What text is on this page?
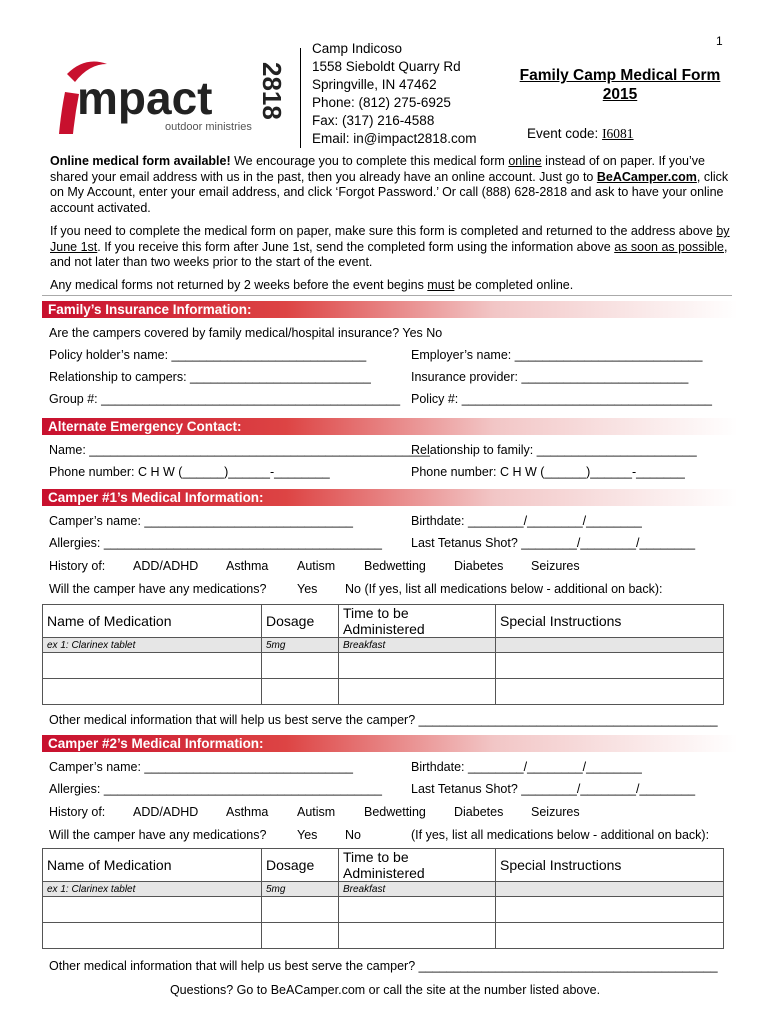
1
mpact 2818
outdoor ministries
Camp Indicoso
1558 Sieboldt Quarry Rd
Springville, IN 47462
Phone: (812) 275-6925
Fax: (317) 216-4588
Email: in@impact2818.com
Family Camp Medical Form
2015
Event code: I6081

Online medical form available! We encourage you to complete this medical form online instead of on paper. If you’ve shared your email address with us in the past, then you already have an online account. Just go to BeACamper.com, click on My Account, enter your email address, and click ‘Forgot Password.’ Or call (888) 628-2818 and ask to have your online account activated.

If you need to complete the medical form on paper, make sure this form is completed and returned to the address above by June 1st. If you receive this form after June 1st, send the completed form using the information above as soon as possible, and not later than two weeks prior to the start of the event.

Any medical forms not returned by 2 weeks before the event begins must be completed online.
Family’s Insurance Information:
Are the campers covered by family medical/hospital insurance? Yes No
Policy holder’s name: ____________________________	Employer’s name: ___________________________
Relationship to campers: __________________________	Insurance provider: ________________________
Group #: ___________________________________________ Policy #: ____________________________________
Alternate Emergency Contact:
Name: _________________________________________________
Relationship to family: _______________________
Phone number: C H W (______)______-________	Phone number: C H W (______)______-_______
Camper #1’s Medical Information:
Camper’s name: ______________________________	Birthdate: ________/________/________
Allergies: ________________________________________ Last Tetanus Shot? ________/________/________
History of: ADD/ADHD Asthma Autism Bedwetting Diabetes Seizures
Will the camper have any medications? Yes No (If yes, list all medications below - additional on back):
Name of Medication	Dosage	Time to be Administered	Special Instructions
ex 1: Clarinex tablet	5mg	Breakfast	

Other medical information that will help us best serve the camper? ___________________________________________
Camper #2’s Medical Information:
Camper’s name: ______________________________	Birthdate: ________/________/________
Allergies: ________________________________________ Last Tetanus Shot? ________/________/________
History of: ADD/ADHD Asthma Autism Bedwetting Diabetes Seizures
Will the camper have any medications? Yes No	(If yes, list all medications below - additional on back):
Name of Medication	Dosage	Time to be Administered	Special Instructions
ex 1: Clarinex tablet	5mg	Breakfast	

Other medical information that will help us best serve the camper? ___________________________________________
Questions? Go to BeACamper.com or call the site at the number listed above.
